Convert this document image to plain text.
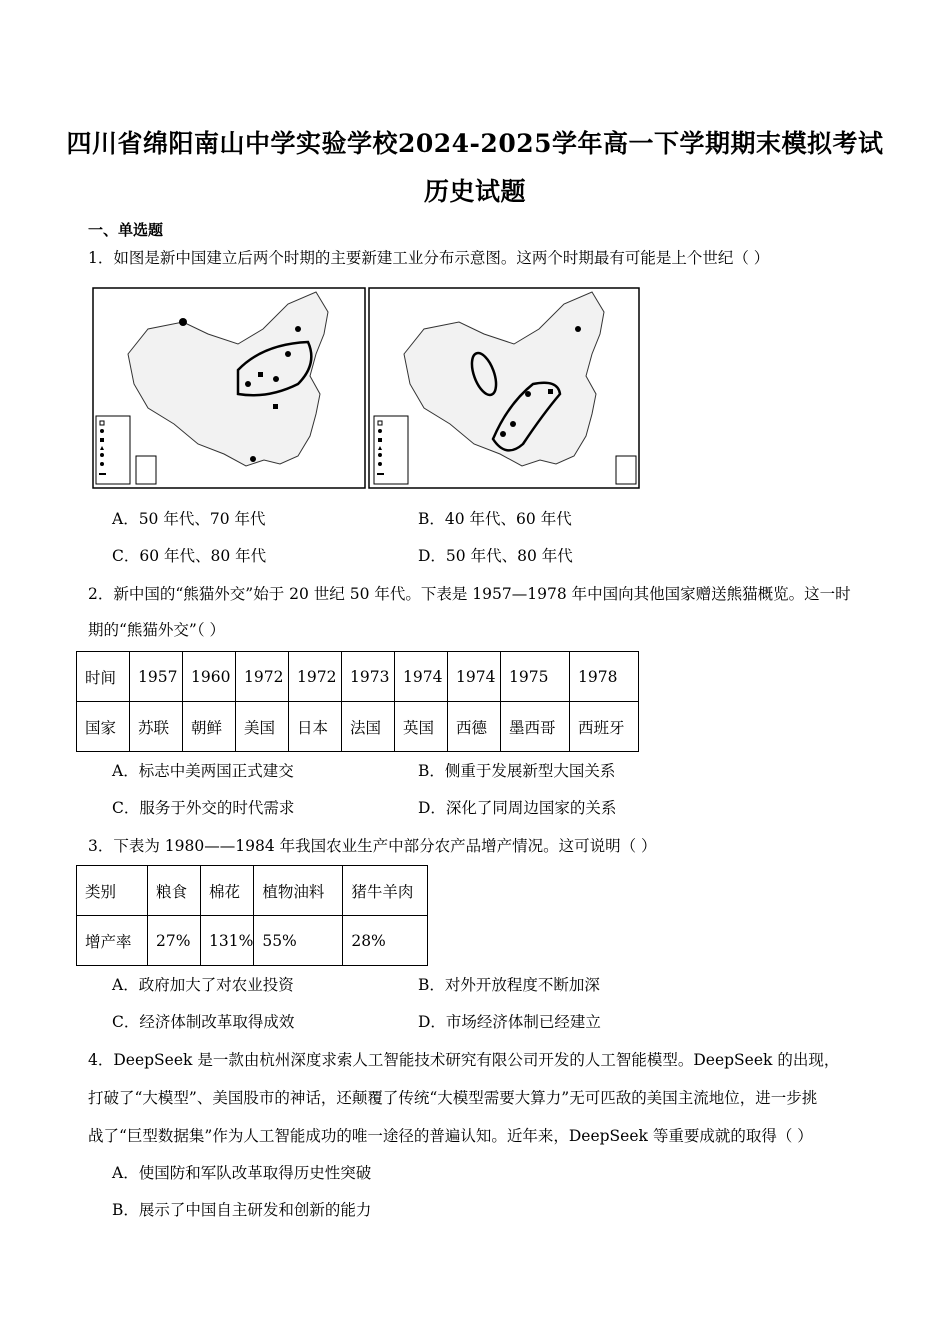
四川省绵阳南山中学实验学校2024-2025学年高一下学期期末模拟考试
历史试题
一、单选题
1．如图是新中国建立后两个时期的主要新建工业分布示意图。这两个时期最有可能是上个世纪（ ）
A．50 年代、70 年代	B．40 年代、60 年代
C．60 年代、80 年代	D．50 年代、80 年代
2．新中国的“熊猫外交”始于 20 世纪 50 年代。下表是 1957—1978 年中国向其他国家赠送熊猫概览。这一时
期的“熊猫外交”（ ）
时间	1957	1960	1972	1972	1973	1974	1974	1975	1978
国家	苏联	朝鲜	美国	日本	法国	英国	西德	墨西哥	西班牙
A．标志中美两国正式建交	B．侧重于发展新型大国关系
C．服务于外交的时代需求	D．深化了同周边国家的关系
3．下表为 1980——1984 年我国农业生产中部分农产品增产情况。这可说明（ ）
类别	粮食	棉花	植物油料	猪牛羊肉
增产率	27%	131%	55%	28%
A．政府加大了对农业投资	B．对外开放程度不断加深
C．经济体制改革取得成效	D．市场经济体制已经建立
4．DeepSeek 是一款由杭州深度求索人工智能技术研究有限公司开发的人工智能模型。DeepSeek 的出现，
打破了“大模型”、美国股市的神话，还颠覆了传统“大模型需要大算力”无可匹敌的美国主流地位，进一步挑
战了“巨型数据集”作为人工智能成功的唯一途径的普遍认知。近年来，DeepSeek 等重要成就的取得（ ）
A．使国防和军队改革取得历史性突破
B．展示了中国自主研发和创新的能力
